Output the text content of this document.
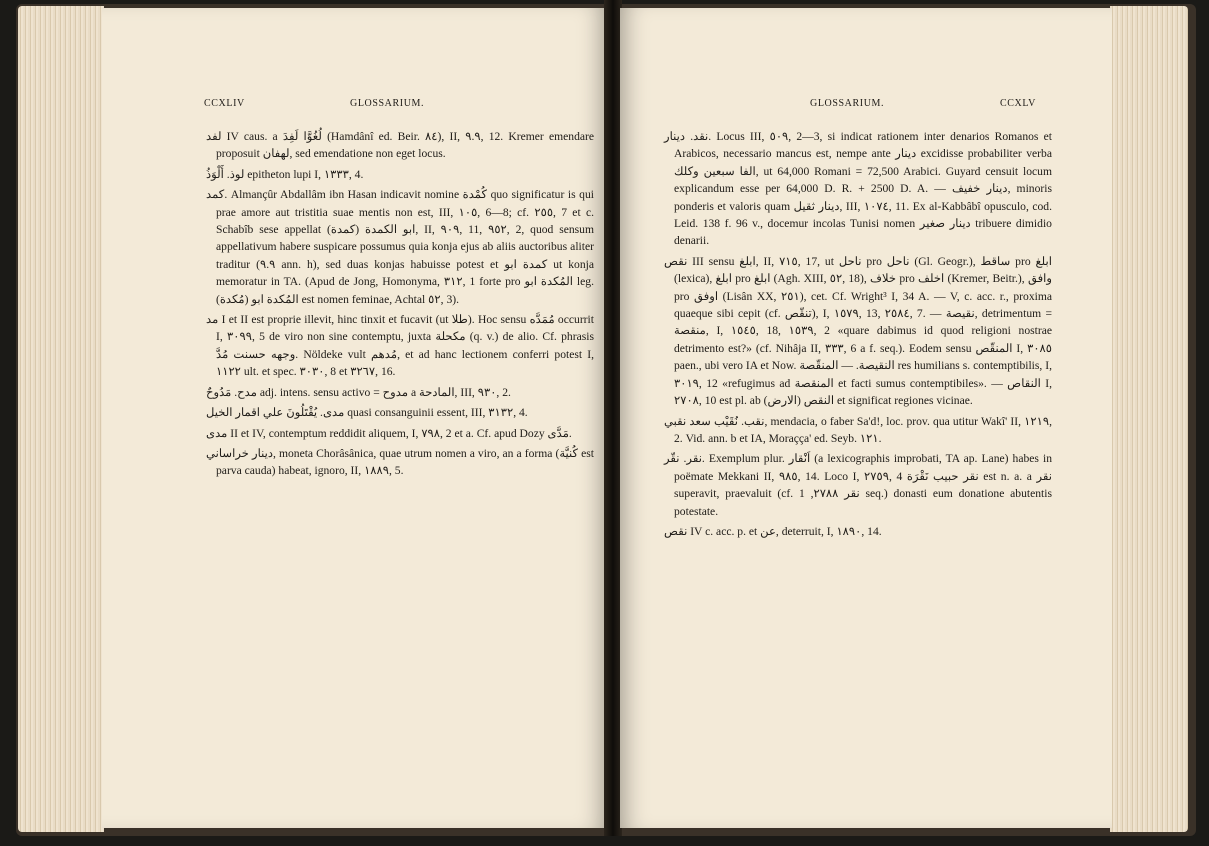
CCXLIV	GLOSSARIUM.

لفد IV caus. a لُغُوَّا لَفِدَ (Hamdânî ed. Beir. ٨٤), II, ٩.٩, 12. Kremer emendare proposuit لهفان, sed emendatione non eget locus.

لوذ. أَلْوَذُ epitheton lupi I, ١٣٣٣, 4.

كمد. Almançûr Abdallâm ibn Hasan indicavit nomine كُمْدة quo significatur is qui prae amore aut tristitia suae mentis non est, III, ١٠٥, 6—8; cf. ٢٥٥, 7 et c. Schabîb sese appellat ابو الكمدة (كمدة), II, ٩٠٩, 11, ٩٥٢, 2, quod sensum appellativum habere suspicare possumus quia konja ejus ab aliis auctoribus aliter traditur (٩.٩ ann. h), sed duas konjas habuisse potest et كمدة ابو ut konja memoratur in TA. (Apud de Jong, Homonyma, ٣١٢, 1 forte pro المُكدة ابو leg. المُكدة ابو (مُكدة) est nomen feminae, Achtal ٥٢, 3).

مد I et II est proprie illevit, hinc tinxit et fucavit (ut طلا). Hoc sensu مُمَدَّه occurrit I, ٣٠٩٩, 5 de viro non sine contemptu, juxta مكحلة (q. v.) de alio. Cf. phrasis وجهه حسنت مُدَّ. Nöldeke vult مُدهم, et ad hanc lectionem conferri potest I, ١١٢٢ ult. et spec. ٣٠٣٠, 8 et ٣٢٦٧, 16.

مدح. مَدُوحٌ adj. intens. sensu activo = مدوح a المادحة, III, ٩٣٠, 2.

مدى. يُقْتَلُونَ علي اقمار الخيل quasi consanguinii essent, III, ٣١٣٢, 4.

مدى II et IV, contemptum reddidit aliquem, I, ٧٩٨, 2 et a. Cf. apud Dozy مَدَّى.

دينار خراساني, moneta Chorâsânica, quae utrum nomen a viro, an a forma (كُنيَّة est parva cauda) habeat, ignoro, II, ١٨٨٩, 5.

GLOSSARIUM.	CCXLV

نقد. دينار. Locus III, ٥٠٩, 2—3, si indicat rationem inter denarios Romanos et Arabicos, necessario mancus est, nempe ante دينار excidisse probabiliter verba الفا سبعين وكلك, ut 64,000 Romani = 72,500 Arabici. Guyard censuit locum explicandum esse per 64,000 D. R. + 2500 D. A. — دينار خفيف, minoris ponderis et valoris quam دينار ثقيل, III, ١٠٧٤, 11. Ex al-Kabbâbî opusculo, cod. Leid. 138 f. 96 v., docemur incolas Tunisi nomen دينار صغير tribuere dimidio denarii.

نقص III sensu ابلغ, II, ٧١٥, 17, ut ناحل pro ناحل (Gl. Geogr.), ساقط pro ابلغ (lexica), ابلغ pro ابلغ (Agh. XIII, ٥٢, 18), خلاف pro اخلف (Kremer, Beitr.), وافق pro اوفق (Lisân XX, ٢٥١), cet. Cf. Wright³ I, 34 A. — V, c. acc. r., proxima quaeque sibi cepit (cf. تنقّص), I, ١٥٧٩, 13, ٢٥٨٤, 7. — نقيصة, detrimentum = منقصة, I, ١٥٤٥, 18, ١٥٣٩, 2 «quare dabimus id quod religioni nostrae detrimento est?» (cf. Nihâja II, ٣٣٣, 6 a f. seq.). Eodem sensu المنقّص I, ٣٠٨٥ paen., ubi vero IA et Now. النقيصة. — المنقّصة res humilians s. contemptibilis, I, ٣٠١٩, 12 «refugimus ad المنقصة et facti sumus contemptibiles». — النقاص I, ٢٧٠٨, 10 est pl. ab النقص (الارض) et significat regiones vicinae.

نقب. نُقَيْب سعد نقبي, mendacia, o faber Sa'd!, loc. prov. qua utitur Wakî' II, ١٢١٩, 2. Vid. ann. b et IA, Moraçça' ed. Seyb. ١٢١.

نقر. نقّر. Exemplum plur. اَنْقار (a lexicographis improbati, TA ap. Lane) habes in poëmate Mekkani II, ٩٨٥, 14. Loco I, ٢٧٥٩, 4 نقر حبيب نَقْرَة est n. a. a نقر superavit, praevaluit (cf. نقر ٢٧٨٨, 1 seq.) donasti eum donatione abutentis potestate.

نقص IV c. acc. p. et عن, deterruit, I, ١٨٩٠, 14.
